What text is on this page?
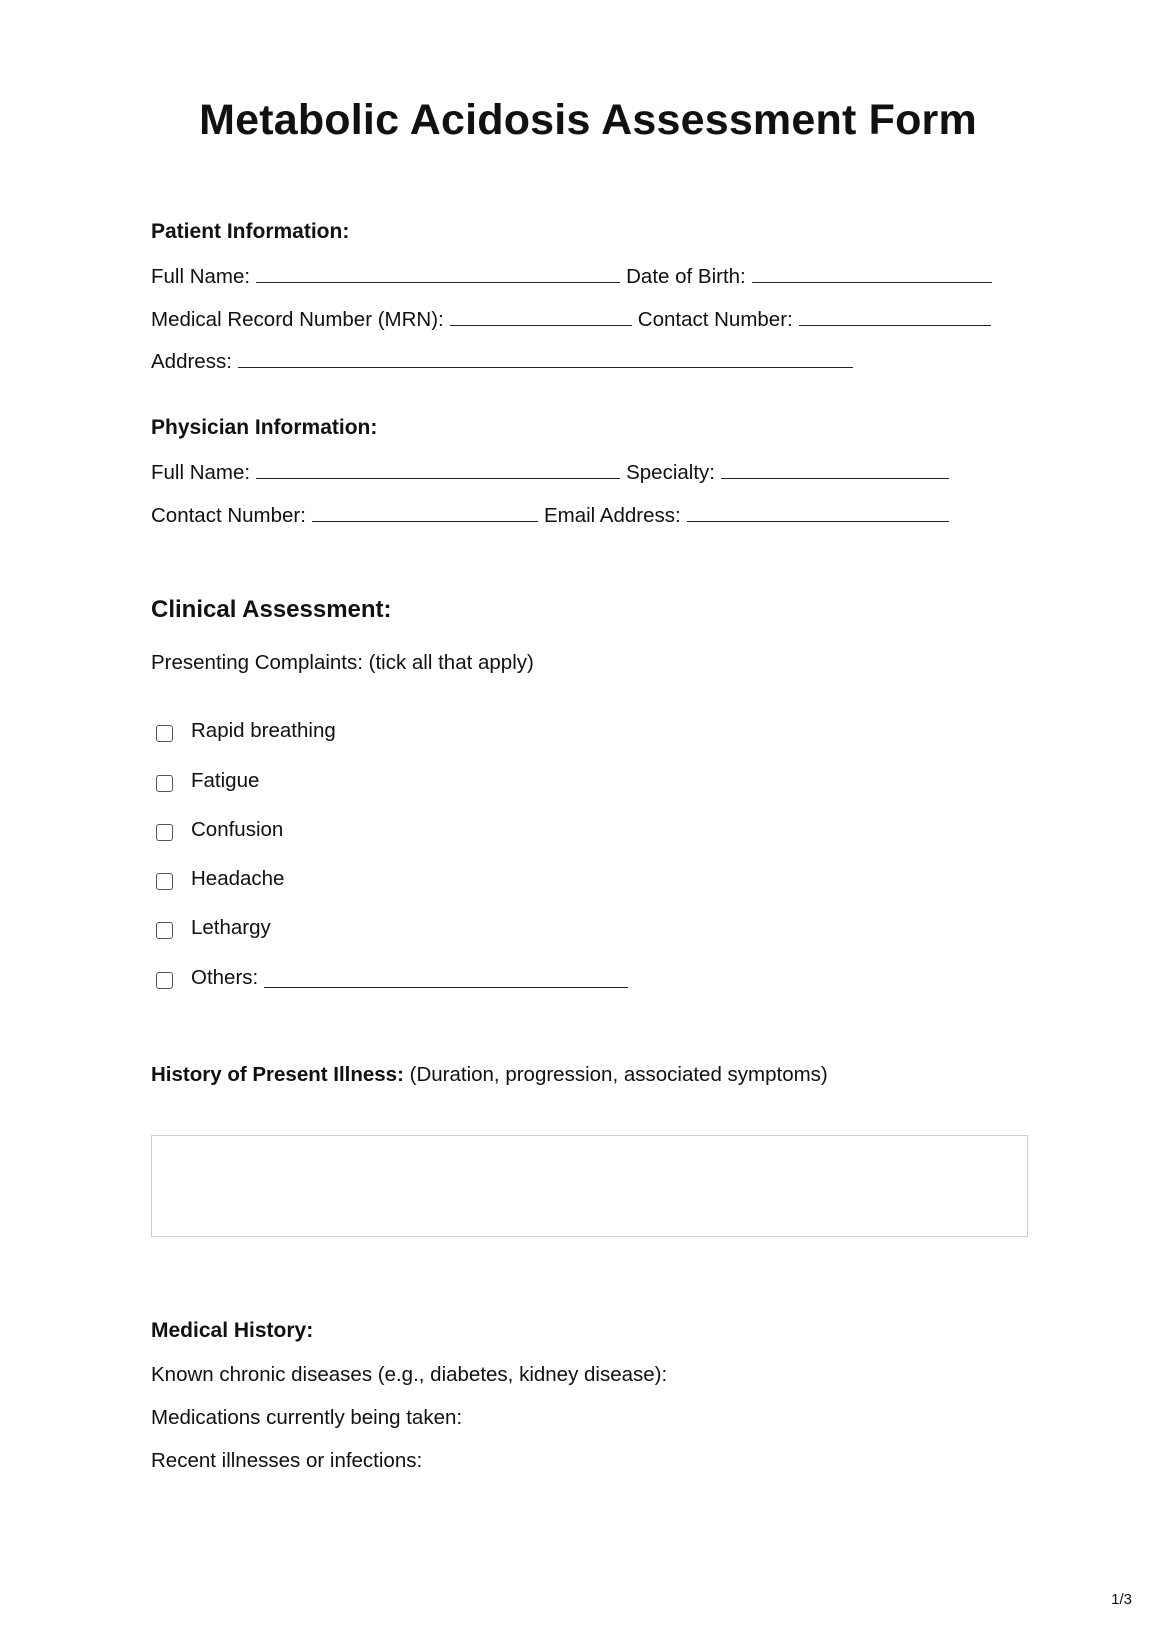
Metabolic Acidosis Assessment Form
Patient Information:
Full Name:	Date of Birth:
Medical Record Number (MRN):	Contact Number:
Address:
Physician Information:
Full Name:	Specialty:
Contact Number:	Email Address:
Clinical Assessment:
Presenting Complaints: (tick all that apply)
Rapid breathing
Fatigue
Confusion
Headache
Lethargy
Others:
History of Present Illness: (Duration, progression, associated symptoms)
Medical History:
Known chronic diseases (e.g., diabetes, kidney disease):
Medications currently being taken:
Recent illnesses or infections:
1/3
